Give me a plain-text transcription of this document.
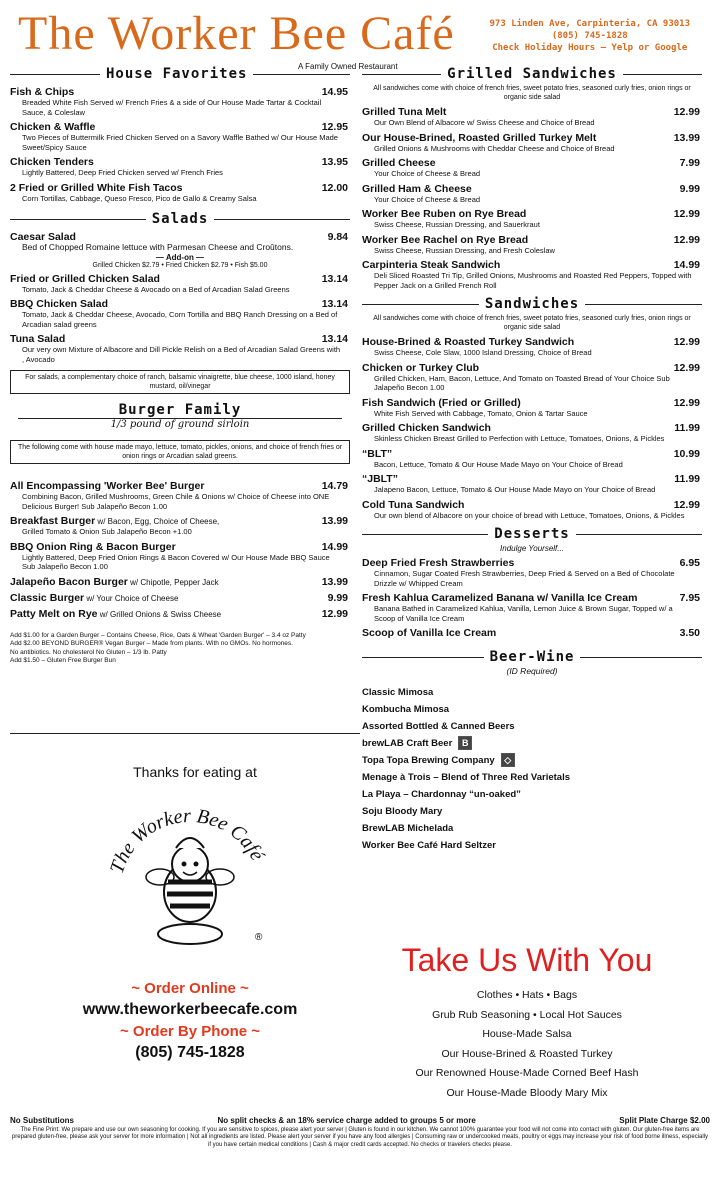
The Worker Bee Café	973 Linden Ave, Carpinteria, CA 93013
(805) 745-1828
Check Holiday Hours – Yelp or Google
A Family Owned Restaurant
House Favorites
Fish & Chips	14.95
Breaded White Fish Served w/ French Fries & a side of Our House Made Tartar & Cocktail Sauce, & Coleslaw
Chicken & Waffle	12.95
Two Pieces of Buttermilk Fried Chicken Served on a Savory Waffle Bathed w/ Our House Made Sweet/Spicy Sauce
Chicken Tenders	13.95
Lightly Battered, Deep Fried Chicken served w/ French Fries
2 Fried or Grilled White Fish Tacos	12.00
Corn Tortillas, Cabbage, Queso Fresco, Pico de Gallo & Creamy Salsa
Salads
Caesar Salad	9.84
Bed of Chopped Romaine lettuce with Parmesan Cheese and Croûtons.
— Add-on —
Grilled Chicken $2.79 • Fried Chicken $2.79 • Fish $5.00
Fried or Grilled Chicken Salad	13.14
Tomato, Jack & Cheddar Cheese & Avocado on a Bed of Arcadian Salad Greens
BBQ Chicken Salad	13.14
Tomato, Jack & Cheddar Cheese, Avocado, Corn Tortilla and BBQ Ranch Dressing on a Bed of Arcadian salad greens
Tuna Salad	13.14
Our very own Mixture of Albacore and Dill Pickle Relish on a Bed of Arcadian Salad Greens with , Avocado
For salads, a complementary choice of ranch, balsamic vinaigrette, blue cheese, 1000 island, honey mustard, oil/vinegar
Burger Family
1/3 pound of ground sirloin
The following come with house made mayo, lettuce, tomato, pickles, onions, and choice of french fries or onion rings or Arcadian salad greens.
All Encompassing 'Worker Bee' Burger	14.79
Combining Bacon, Grilled Mushrooms, Green Chile & Onions w/ Choice of Cheese into ONE Delicious Burger! Sub Jalapeño Becon 1.00
Breakfast Burger w/ Bacon, Egg, Choice of Cheese,	13.99
Grilled Tomato & Onion Sub Jalapeño Becon +1.00
BBQ Onion Ring & Bacon Burger	14.99
Lightly Battered, Deep Fried Onion Rings & Bacon Covered w/ Our House Made BBQ Sauce Sub Jalapeño Becon 1.00
Jalapeño Bacon Burger w/ Chipotle, Pepper Jack	13.99
Classic Burger w/ Your Choice of Cheese	9.99
Patty Melt on Rye w/ Grilled Onions & Swiss Cheese	12.99
Add $1.00 for a Garden Burger – Contains Cheese, Rice, Oats & Wheat 'Garden Burger' – 3.4 oz Patty
Add $2.00 BEYOND BURGER® Vegan Burger – Made from plants. With no GMOs. No hormones.
No antibiotics. No cholesterol No Gluten – 1/3 lb. Patty
Add $1.50 – Gluten Free Burger Bun
Grilled Sandwiches
All sandwiches come with choice of french fries, sweet potato fries, seasoned curly fries, onion rings or organic side salad
Grilled Tuna Melt	12.99
Our Own Blend of Albacore w/ Swiss Cheese and Choice of Bread
Our House-Brined, Roasted Grilled Turkey Melt	13.99
Grilled Onions & Mushrooms with Cheddar Cheese and Choice of Bread
Grilled Cheese	7.99
Your Choice of Cheese & Bread
Grilled Ham & Cheese	9.99
Your Choice of Cheese & Bread
Worker Bee Ruben on Rye Bread	12.99
Swiss Cheese, Russian Dressing, and Sauerkraut
Worker Bee Rachel on Rye Bread	12.99
Swiss Cheese, Russian Dressing, and Fresh Coleslaw
Carpinteria Steak Sandwich	14.99
Deli Sliced Roasted Tri Tip, Grilled Onions, Mushrooms and Roasted Red Peppers, Topped with Pepper Jack on a Grilled French Roll
Sandwiches
All sandwiches come with choice of french fries, sweet potato fries, seasoned curly fries, onion rings or organic side salad
House-Brined & Roasted Turkey Sandwich	12.99
Swiss Cheese, Cole Slaw, 1000 Island Dressing, Choice of Bread
Chicken or Turkey Club	12.99
Grilled Chicken, Ham, Bacon, Lettuce, And Tomato on Toasted Bread of Your Choice Sub Jalapeño Becon 1.00
Fish Sandwich (Fried or Grilled)	12.99
White Fish Served with Cabbage, Tomato, Onion & Tartar Sauce
Grilled Chicken Sandwich	11.99
Skinless Chicken Breast Grilled to Perfection with Lettuce, Tomatoes, Onions, & Pickles
“BLT”	10.99
Bacon, Lettuce, Tomato & Our House Made Mayo on Your Choice of Bread
“JBLT”	11.99
Jalapeno Bacon, Lettuce, Tomato & Our House Made Mayo on Your Choice of Bread
Cold Tuna Sandwich	12.99
Our own blend of Albacore on your choice of bread with Lettuce, Tomatoes, Onions, & Pickles
Desserts
Indulge Yourself...
Deep Fried Fresh Strawberries	6.95
Cinnamon, Sugar Coated Fresh Strawberries, Deep Fried & Served on a Bed of Chocolate Drizzle w/ Whipped Cream
Fresh Kahlua Caramelized Banana w/ Vanilla Ice Cream	7.95
Banana Bathed in Caramelized Kahlua, Vanilla, Lemon Juice & Brown Sugar, Topped w/ a Scoop of Vanilla Ice Cream
Scoop of Vanilla Ice Cream	3.50
Beer-Wine
(ID Required)
Classic Mimosa
Kombucha Mimosa
Assorted Bottled & Canned Beers
brewLAB Craft Beer B
Topa Topa Brewing Company ◇
Menage à Trois – Blend of Three Red Varietals
La Playa – Chardonnay “un-oaked”
Soju Bloody Mary
BrewLAB Michelada
Worker Bee Café Hard Seltzer
Thanks for eating at
The Worker Bee Café
®
~ Order Online ~
www.theworkerbeecafe.com
~ Order By Phone ~
(805) 745-1828
Take Us With You
Clothes • Hats • Bags
Grub Rub Seasoning • Local Hot Sauces
House-Made Salsa
Our House-Brined & Roasted Turkey
Our Renowned House-Made Corned Beef Hash
Our House-Made Bloody Mary Mix
No Substitutions	No split checks & an 18% service charge added to groups 5 or more	Split Plate Charge $2.00
The Fine Print: We prepare and use our own seasoning for cooking. If you are sensitive to spices, please alert your server | Gluten is found in our kitchen. We cannot 100% guarantee your food will not come into contact with gluten. Our gluten-free items are prepared gluten-free, please ask your server for more information | Not all ingredients are listed. Please alert your server if you have any food allergies | Consuming raw or undercooked meats, poultry or eggs may increase your risk of food borne illness, especially if you have certain medical conditions | Cash & major credit cards accepted. No checks or travelers checks please.
